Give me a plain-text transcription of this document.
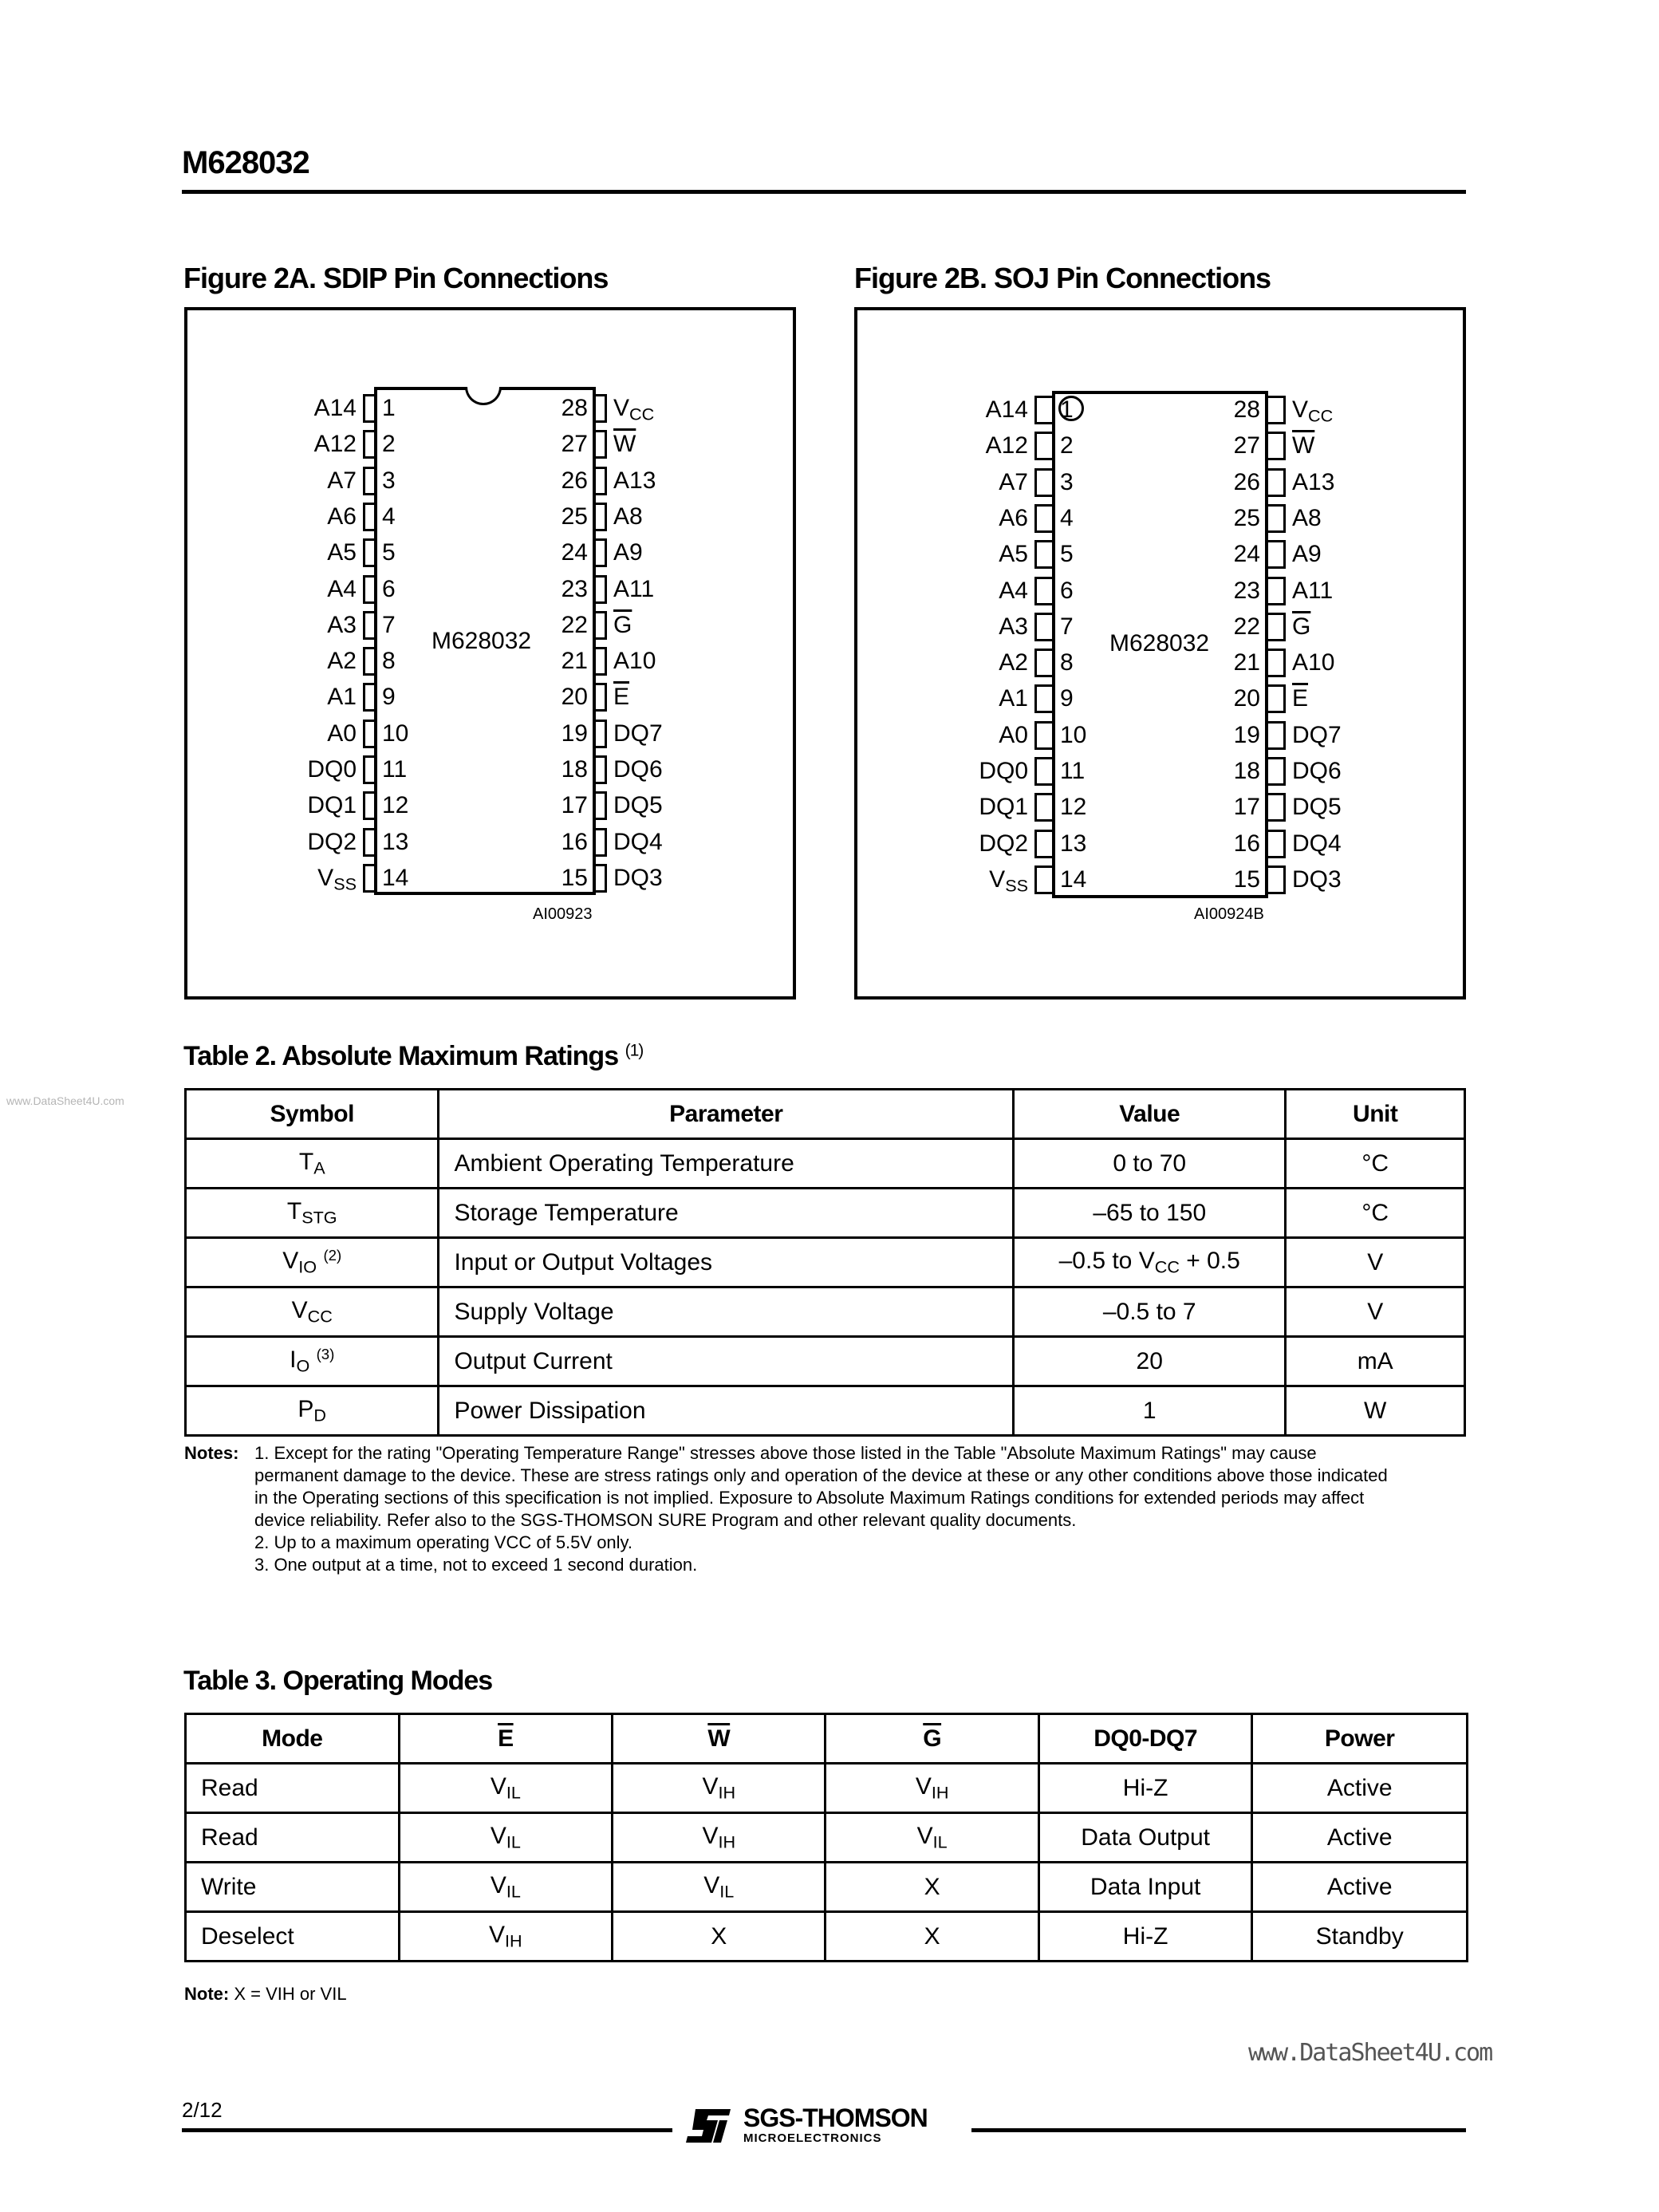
M628032
Figure 2A. SDIP Pin Connections	Figure 2B. SOJ Pin Connections
M628032
AI00923
A14 1
A12 2
A7 3
A6 4
A5 5
A4 6
A3 7
A2 8
A1 9
A0 10
DQ0 11
DQ1 12
DQ2 13
$V_{SS}$ 14
28 $V_{CC}$
27 $\overline{W}$
26 A13
25 A8
24 A9
23 A11
22 $\overline{G}$
21 A10
20 $\overline{E}$
19 DQ7
18 DQ6
17 DQ5
16 DQ4
15 DQ3
M628032
AI00924B
A14 1
A12 2
A7 3
A6 4
A5 5
A4 6
A3 7
A2 8
A1 9
A0 10
DQ0 11
DQ1 12
DQ2 13
$V_{SS}$ 14
28 $V_{CC}$
27 $\overline{W}$
26 A13
25 A8
24 A9
23 A11
22 $\overline{G}$
21 A10
20 $\overline{E}$
19 DQ7
18 DQ6
17 DQ5
16 DQ4
15 DQ3
Table 2. Absolute Maximum Ratings $^{(1)}$
www.DataSheet4U.com	Symbol	Parameter	Value	Unit
$T_A$	Ambient Operating Temperature	0 to 70	°C
$T_{STG}$	Storage Temperature	–65 to 150	°C
$V_{IO}$ $^{(2)}$	Input or Output Voltages	–0.5 to $V_{CC} + 0.5$	V
$V_{CC}$	Supply Voltage	–0.5 to 7	V
$I_O$ $^{(3)}$	Output Current	20	mA
$P_D$	Power Dissipation	1	W
Notes: 1. Except for the rating "Operating Temperature Range" stresses above those listed in the Table "Absolute Maximum Ratings" may cause permanent damage to the device. These are stress ratings only and operation of the device at these or any other conditions above those indicated in the Operating sections of this specification is not implied. Exposure to Absolute Maximum Ratings conditions for extended periods may affect device reliability. Refer also to the SGS-THOMSON SURE Program and other relevant quality documents.
2. Up to a maximum operating VCC of 5.5V only.
3. One output at a time, not to exceed 1 second duration.
Table 3. Operating Modes
Mode	$\overline{E}$	$\overline{W}$	$\overline{G}$	DQ0-DQ7	Power
Read	$V_{IL}$	$V_{IH}$	$V_{IH}$	Hi-Z	Active
Read	$V_{IL}$	$V_{IH}$	$V_{IL}$	Data Output	Active
Write	$V_{IL}$	$V_{IL}$	X	Data Input	Active
Deselect	$V_{IH}$	X	X	Hi-Z	Standby
Note: X = VIH or VIL
www.DataSheet4U.com
2/12	SGS-THOMSON
MICROELECTRONICS
